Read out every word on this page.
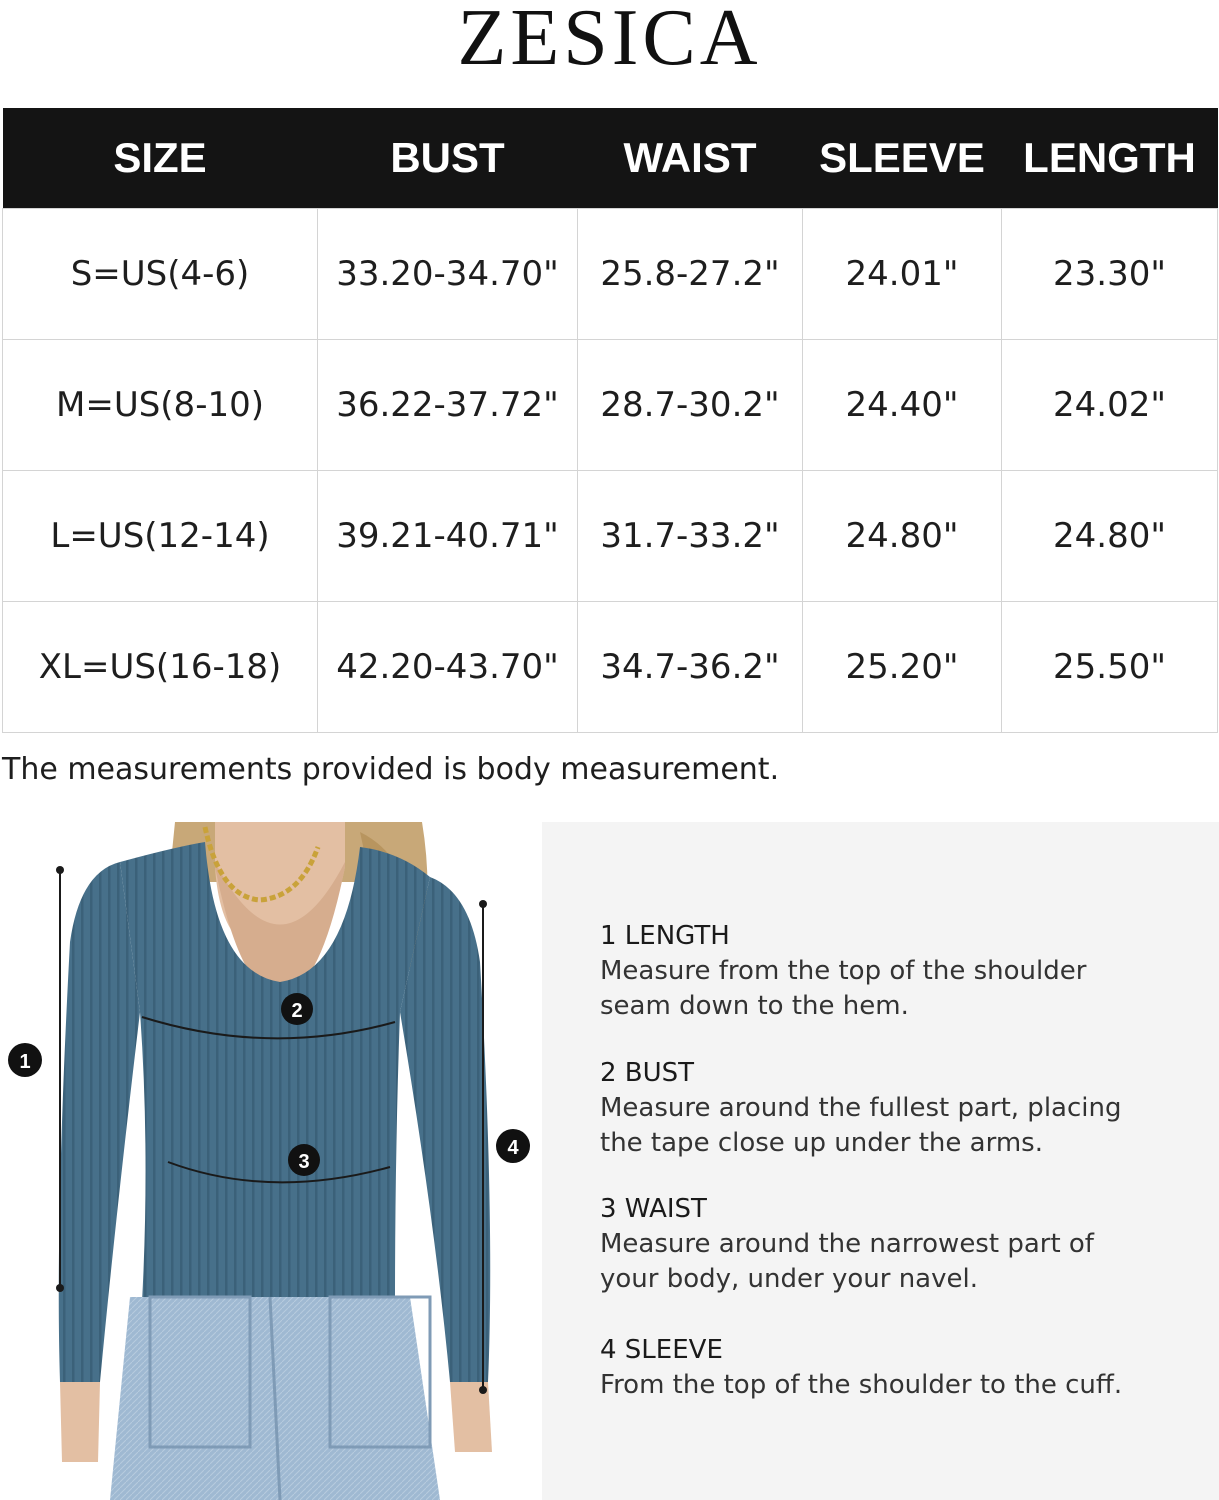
ZESICA
SIZE	BUST	WAIST	SLEEVE	LENGTH
S=US(4-6)	33.20-34.70"	25.8-27.2"	24.01"	23.30"
M=US(8-10)	36.22-37.72"	28.7-30.2"	24.40"	24.02"
L=US(12-14)	39.21-40.71"	31.7-33.2"	24.80"	24.80"
XL=US(16-18)	42.20-43.70"	34.7-36.2"	25.20"	25.50"
The measurements provided is body measurement.
1
2
3
4
1 LENGTH
Measure from the top of the shoulder
seam down to the hem.
2 BUST
Measure around the fullest part, placing
the tape close up under the arms.
3 WAIST
Measure around the narrowest part of
your body, under your navel.
4 SLEEVE
From the top of the shoulder to the cuff.
